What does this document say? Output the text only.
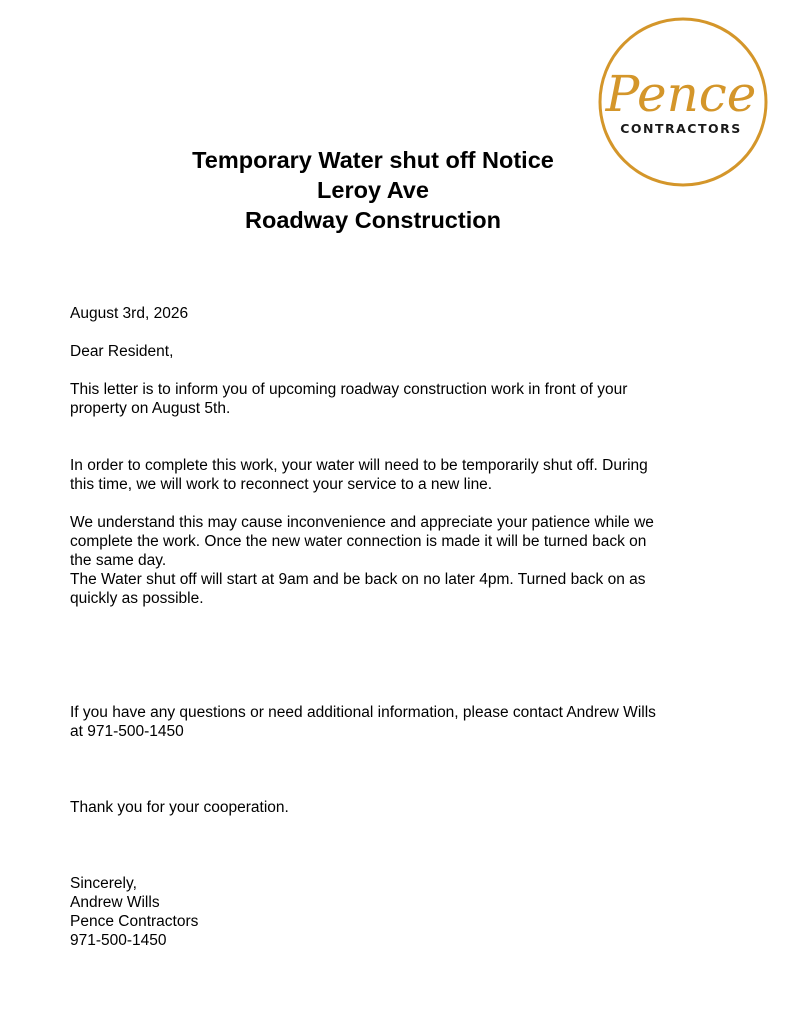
Pence
CONTRACTORS
Temporary Water shut off Notice
Leroy Ave
Roadway Construction

August 3rd, 2026

Dear Resident,

This letter is to inform you of upcoming roadway construction work in front of your
property on August 5th.

In order to complete this work, your water will need to be temporarily shut off. During
this time, we will work to reconnect your service to a new line.

We understand this may cause inconvenience and appreciate your patience while we
complete the work. Once the new water connection is made it will be turned back on
the same day.
The Water shut off will start at 9am and be back on no later 4pm. Turned back on as
quickly as possible.

If you have any questions or need additional information, please contact Andrew Wills
at 971-500-1450

Thank you for your cooperation.

Sincerely,
Andrew Wills
Pence Contractors
971-500-1450
